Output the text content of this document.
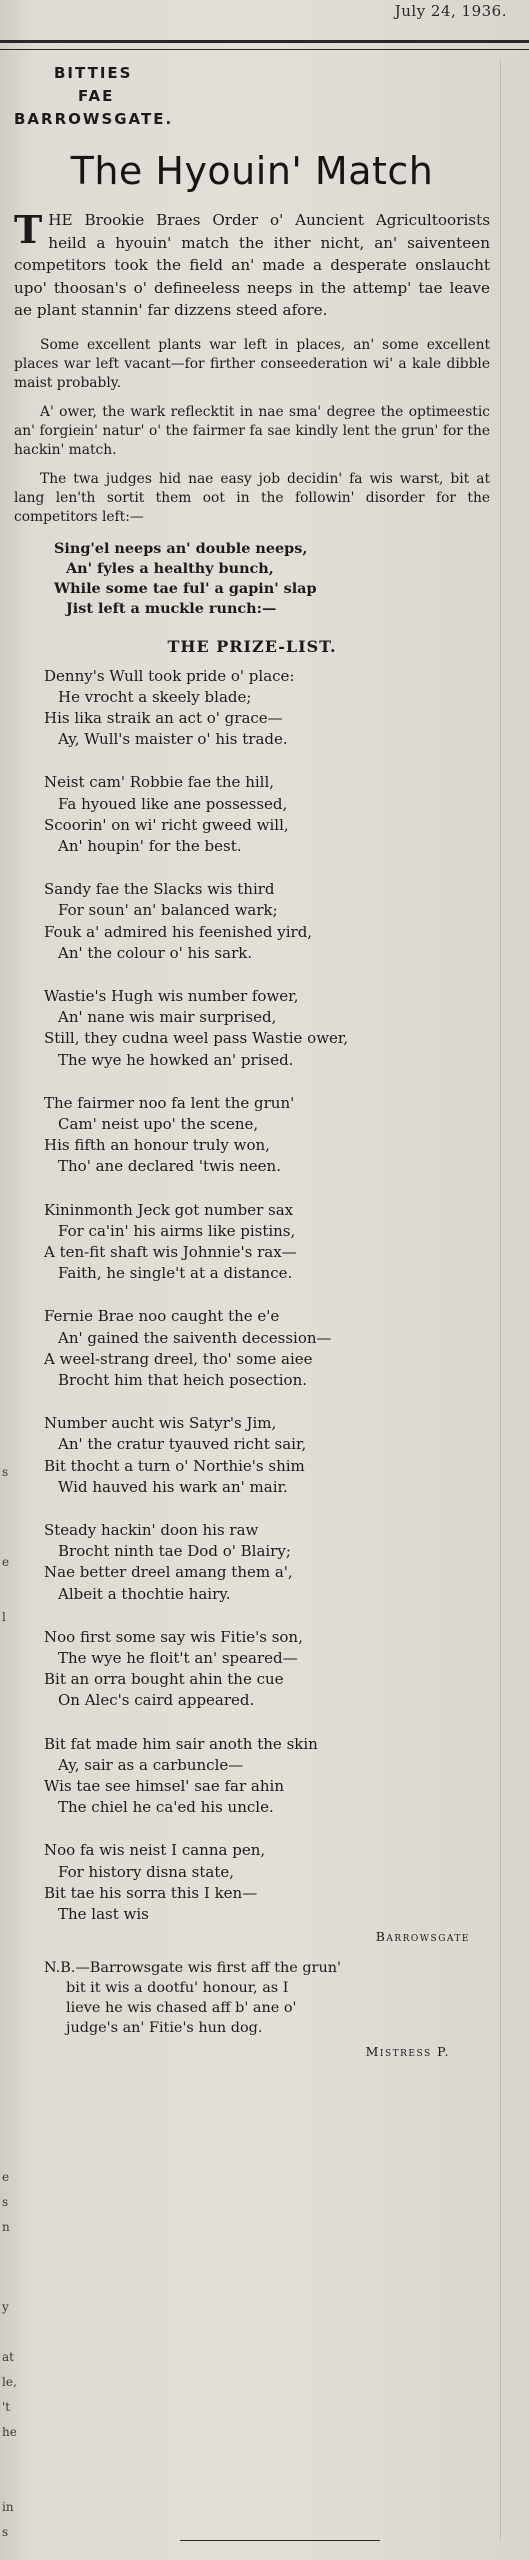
July 24, 1936.
BITTIES
FAE
BARROWSGATE.
The Hyouin' Match

T HE Brookie Braes Order o' Auncient Agricultoorists heild a hyouin' match the ither nicht, an' saiventeen competitors took the field an' made a desperate onslaucht upo' thoosan's o' defineeless neeps in the attemp' tae leave ae plant stannin' far dizzens steed afore.

Some excellent plants war left in places, an' some excellent places war left vacant—for firther conseederation wi' a kale dibble maist probably.

A' ower, the wark reflecktit in nae sma' degree the optimeestic an' forgiein' natur' o' the fairmer fa sae kindly lent the grun' for the hackin' match.

The twa judges hid nae easy job decidin' fa wis warst, bit at lang len'th sortit them oot in the followin' disorder for the competitors left:—

Sing'el neeps an' double neeps,
An' fyles a healthy bunch,
While some tae ful' a gapin' slap
Jist left a muckle runch:—
THE PRIZE-LIST.
Denny's Wull took pride o' place:
He vrocht a skeely blade;
His lika straik an act o' grace—
Ay, Wull's maister o' his trade.
Neist cam' Robbie fae the hill,
Fa hyoued like ane possessed,
Scoorin' on wi' richt gweed will,
An' houpin' for the best.
Sandy fae the Slacks wis third
For soun' an' balanced wark;
Fouk a' admired his feenished yird,
An' the colour o' his sark.
Wastie's Hugh wis number fower,
An' nane wis mair surprised,
Still, they cudna weel pass Wastie ower,
The wye he howked an' prised.
The fairmer noo fa lent the grun'
Cam' neist upo' the scene,
His fifth an honour truly won,
Tho' ane declared 'twis neen.
Kininmonth Jeck got number sax
For ca'in' his airms like pistins,
A ten-fit shaft wis Johnnie's rax—
Faith, he single't at a distance.
Fernie Brae noo caught the e'e
An' gained the saiventh decession—
A weel-strang dreel, tho' some aiee
Brocht him that heich posection.
Number aucht wis Satyr's Jim,
An' the cratur tyauved richt sair,
Bit thocht a turn o' Northie's shim
Wid hauved his wark an' mair.
Steady hackin' doon his raw
Brocht ninth tae Dod o' Blairy;
Nae better dreel amang them a',
Albeit a thochtie hairy.
Noo first some say wis Fitie's son,
The wye he floit't an' speared—
Bit an orra bought ahin the cue
On Alec's caird appeared.
Bit fat made him sair anoth the skin
Ay, sair as a carbuncle—
Wis tae see himsel' sae far ahin
The chiel he ca'ed his uncle.
Noo fa wis neist I canna pen,
For history disna state,
Bit tae his sorra this I ken—
The last wis
Barrowsgate
N.B.—Barrowsgate wis first aff the grun'
bit it wis a dootfu' honour, as I
lieve he wis chased aff b' ane o'
judge's an' Fitie's hun dog.
Mistress P.
s
e
l
e
s
n
y
at
le,
't
he
in
s
